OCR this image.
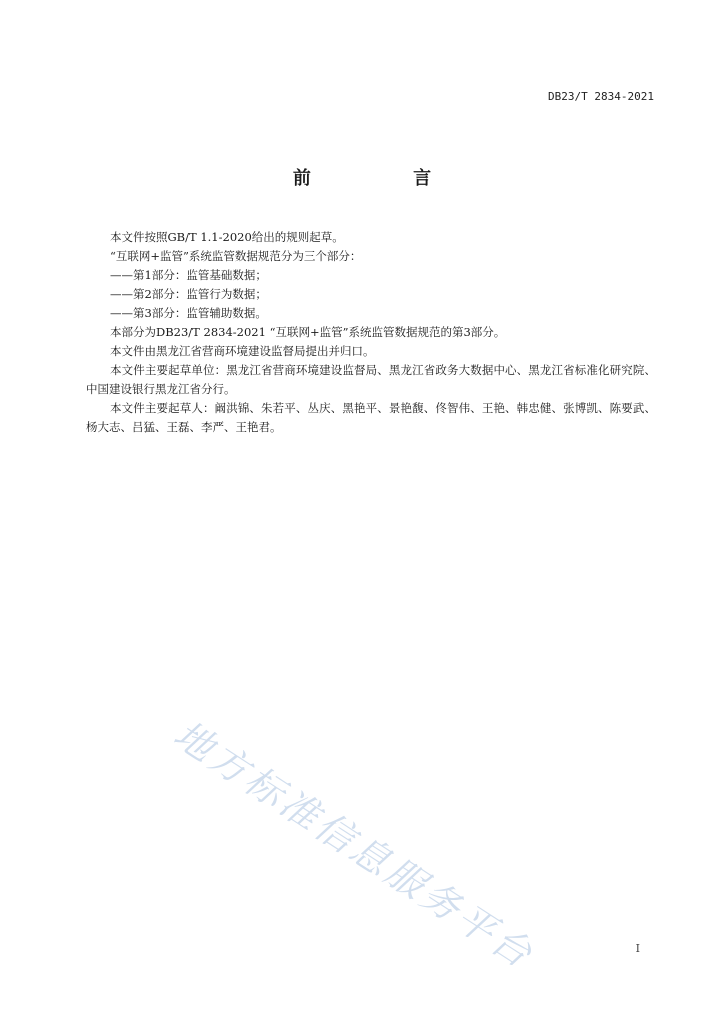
DB23/T 2834-2021
前 言

本文件按照GB/T 1.1-2020给出的规则起草。

“互联网+监管”系统监管数据规范分为三个部分：

——第1部分：监管基础数据；

——第2部分：监管行为数据；

——第3部分：监管辅助数据。

本部分为DB23/T 2834-2021 “互联网+监管”系统监管数据规范的第3部分。

本文件由黑龙江省营商环境建设监督局提出并归口。

本文件主要起草单位：黑龙江省营商环境建设监督局、黑龙江省政务大数据中心、黑龙江省标准化研究院、中国建设银行黑龙江省分行。

本文件主要起草人：阚洪锦、朱若平、丛庆、黑艳平、景艳馥、佟智伟、王艳、韩忠健、张博凯、陈要武、杨大志、吕猛、王磊、李严、王艳君。

地方标准信息服务平台	I
